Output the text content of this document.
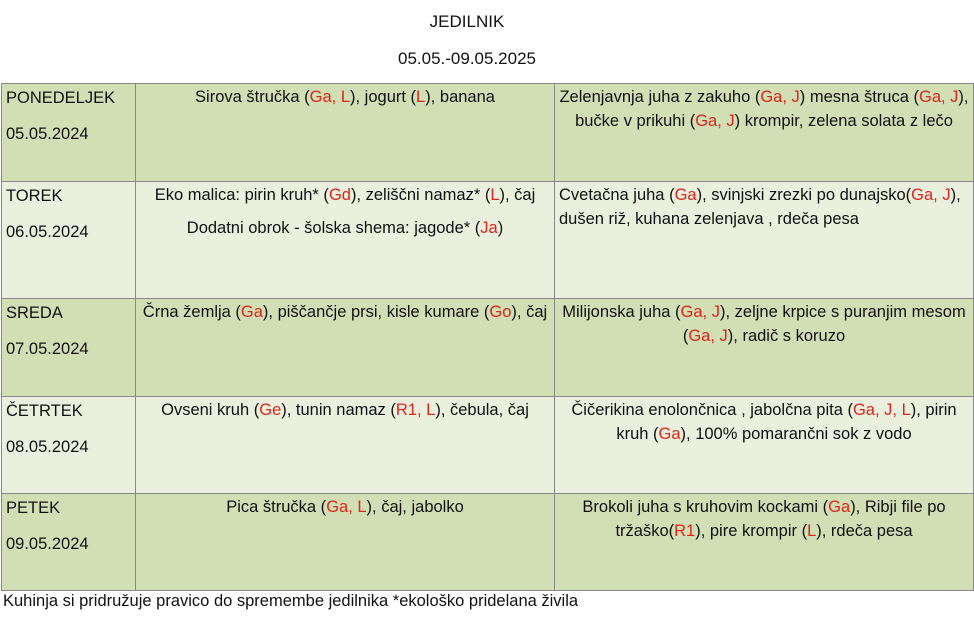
JEDILNIK
05.05.-09.05.2025
PONEDELJEK
05.05.2024	Sirova štručka (Ga, L), jogurt (L), banana	Zelenjavnja juha z zakuho (Ga, J) mesna štruca (Ga, J), bučke v prikuhi (Ga, J) krompir, zelena solata z lečo

TOREK
06.05.2024	Eko malica: pirin kruh* (Gd), zeliščni namaz* (L), čaj
Dodatni obrok - šolska shema: jagode* (Ja)	Cvetačna juha (Ga), svinjski zrezki po dunajsko(Ga, J), dušen riž, kuhana zelenjava , rdeča pesa

SREDA
07.05.2024	Črna žemlja (Ga), piščančje prsi, kisle kumare (Go), čaj	Milijonska juha (Ga, J), zeljne krpice s puranjim mesom (Ga, J), radič s koruzo

ČETRTEK
08.05.2024	Ovseni kruh (Ge), tunin namaz (R1, L), čebula, čaj	Čičerikina enolončnica , jabolčna pita (Ga, J, L), pirin kruh (Ga), 100% pomarančni sok z vodo

PETEK
09.05.2024	Pica štručka (Ga, L), čaj, jabolko	Brokoli juha s kruhovim kockami (Ga), Ribji file po tržaško(R1), pire krompir (L), rdeča pesa
Kuhinja si pridružuje pravico do spremembe jedilnika *ekološko pridelana živila
